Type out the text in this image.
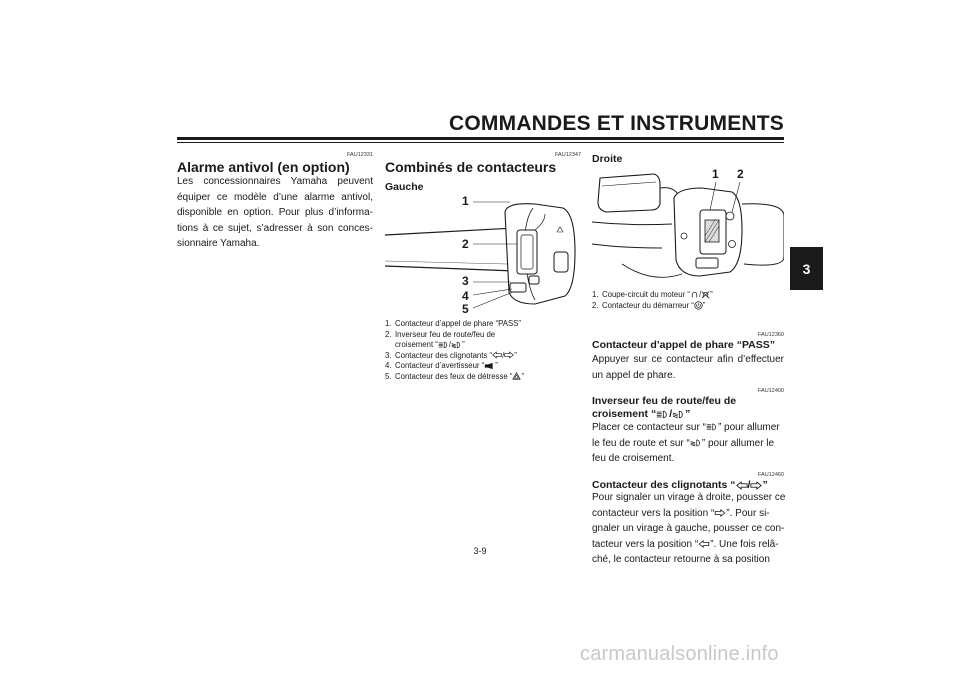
COMMANDES ET INSTRUMENTS
3
FAU12331
Alarme antivol (en option)

Les concessionnaires Yamaha peuvent équiper ce modèle d’une alarme antivol, disponible en option. Pour plus d’informa-tions à ce sujet, s’adresser à son conces-sionnaire Yamaha.

FAU12347
Combinés de contacteurs
Gauche
1
2
3
4
5
1. Contacteur d’appel de phare “PASS”
2. Inverseur feu de route/feu de
croisement “ / ”
3. Contacteur des clignotants “ / ”
4. Contacteur d’avertisseur “ ”
5. Contacteur des feux de détresse “ ”
Droite
1 2
1. Coupe-circuit du moteur “ / ”
2. Contacteur du démarreur “ ”
FAU12360
Contacteur d’appel de phare “PASS”

Appuyer sur ce contacteur afin d’effectuer un appel de phare.

FAU12400
Inverseur feu de route/feu de
croisement “ / ”

Placer ce contacteur sur “ ” pour allumer

le feu de route et sur “ ” pour allumer le

feu de croisement.

FAU12460
Contacteur des clignotants “ / ”

Pour signaler un virage à droite, pousser ce

contacteur vers la position “ ”. Pour si-

gnaler un virage à gauche, pousser ce con-

tacteur vers la position “ ”. Une fois relâ-

ché, le contacteur retourne à sa position

3-9
carmanualsonline.info
